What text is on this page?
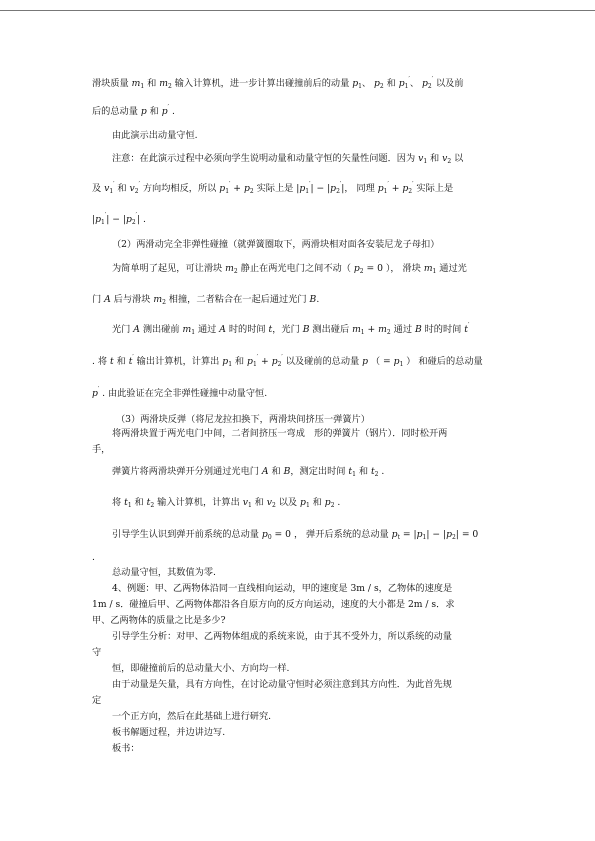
滑块质量 $m_1$ 和 $m_2$ 输入计算机，进一步计算出碰撞前后的动量 $p_1$、 $p_2$ 和 $p_1'$、 $p_2'$ 以及前
后的总动量 p 和 p′ .
由此演示出动量守恒.
注意：在此演示过程中必须向学生说明动量和动量守恒的矢量性问题．因为 $v_1$ 和 $v_2$ 以
及 $v_1'$ 和 $v_2'$ 方向均相反，所以 $p_1' + p_2$ 实际上是 $|p_1'| - |p_2'|$， 同理 $p_1' + p_2'$ 实际上是
$|p_1'| - |p_2'|$ .
（2）两滑动完全非弹性碰撞（就弹簧圈取下，两滑块相对面各安装尼龙子母扣）
为简单明了起见，可让滑块 $m_2$ 静止在两光电门之间不动（ $p_2 = 0$ ）， 滑块 $m_1$ 通过光
门 A 后与滑块 $m_2$ 相撞，二者粘合在一起后通过光门 B.
光门 A 测出碰前 $m_1$ 通过 A 时的时间 t，光门 B 测出碰后 $m_1 + m_2$ 通过 B 时的时间 t′
. 将 t 和 t′ 输出计算机，计算出 $p_1$ 和 $p_1' + p_2'$ 以及碰前的总动量 p （ = $p_1$ ） 和碰后的总动量
p′ . 由此验证在完全非弹性碰撞中动量守恒.
（3）两滑块反弹（将尼龙拉扣换下，两滑块间挤压一弹簧片）
将两滑块置于两光电门中间，二者间挤压一弯成　形的弹簧片（钢片）．同时松开两
手，
弹簧片将两滑块弹开分别通过光电门 A 和 B，测定出时间 $t_1$ 和 $t_2$ .
将 $t_1$ 和 $t_2$ 输入计算机，计算出 $v_1$ 和 $v_2$ 以及 $p_1$ 和 $p_2$ .
引导学生认识到弹开前系统的总动量 $p_0 = 0$ ， 弹开后系统的总动量 $p_t = |p_1| - |p_2| = 0$
.
总动量守恒，其数值为零.
4、例题：甲、乙两物体沿同一直线相向运动，甲的速度是 3m / s，乙物体的速度是
1m / s．碰撞后甲、乙两物体都沿各自原方向的反方向运动，速度的大小都是 2m / s．求
甲、乙两物体的质量之比是多少?
引导学生分析：对甲、乙两物体组成的系统来说，由于其不受外力，所以系统的动量
守
恒，即碰撞前后的总动量大小、方向均一样.
由于动量是矢量，具有方向性，在讨论动量守恒时必须注意到其方向性．为此首先规
定
一个正方向，然后在此基础上进行研究.
板书解题过程，并边讲边写.
板书：
